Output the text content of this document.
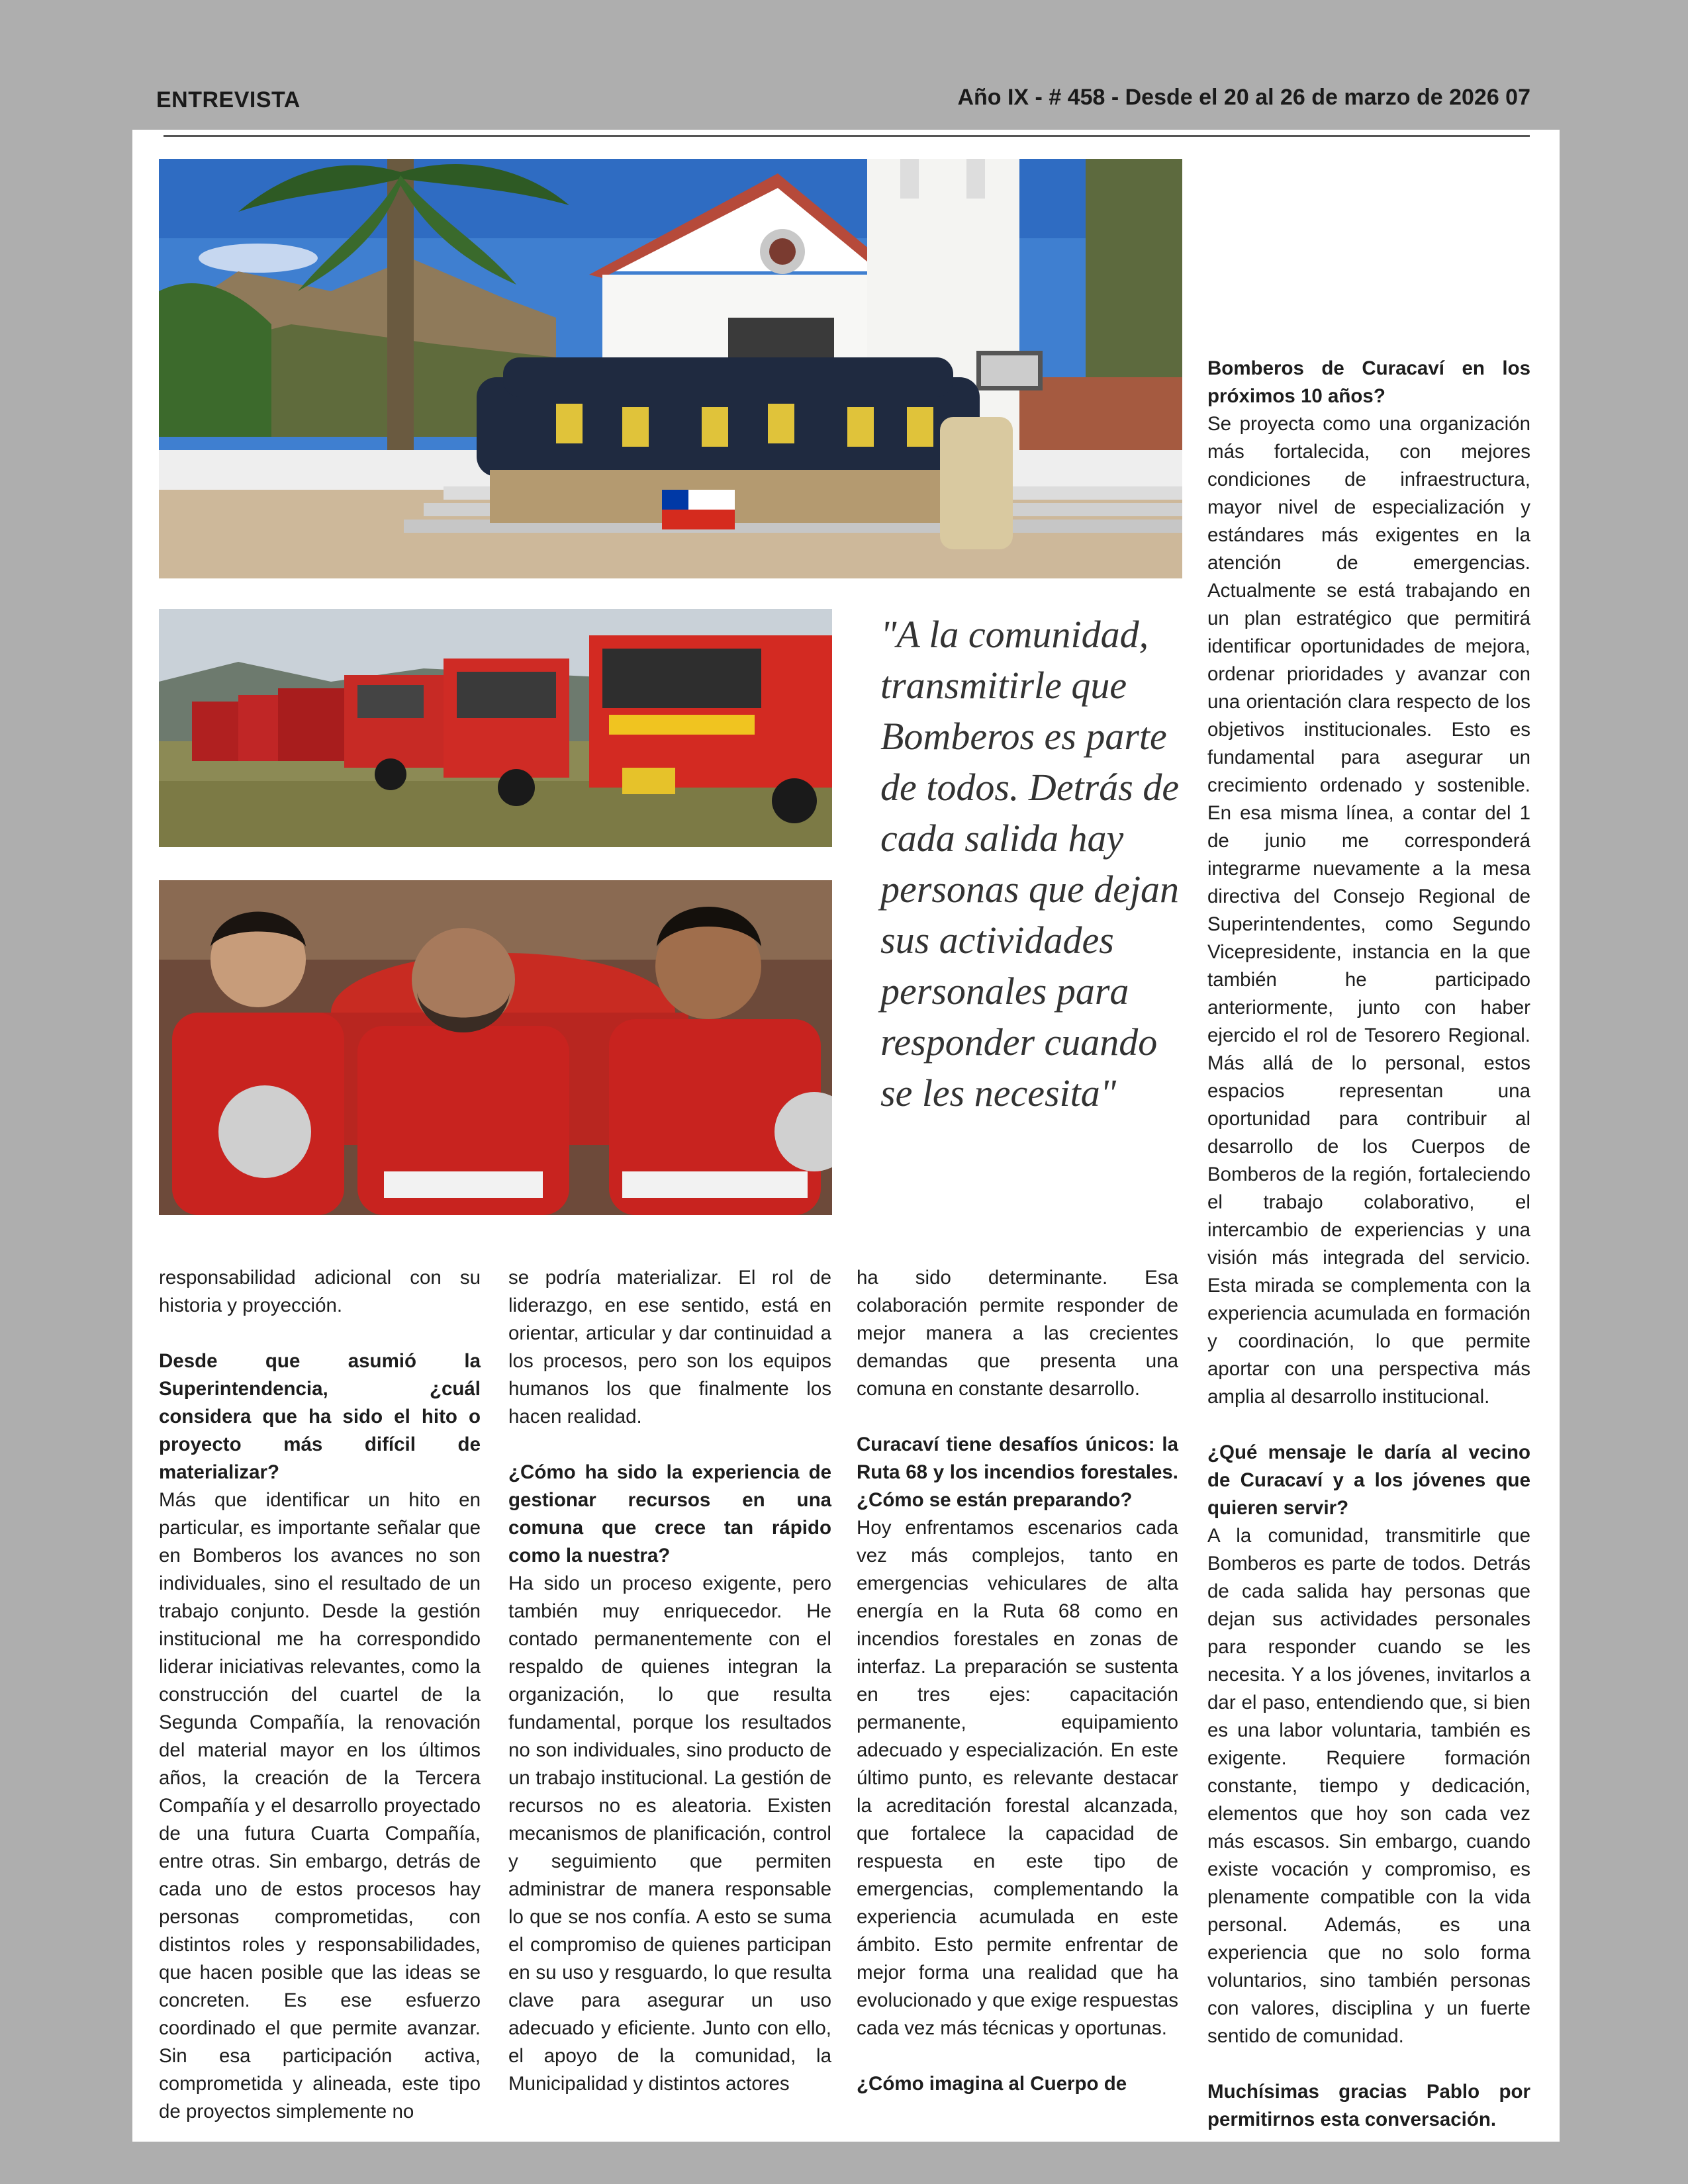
ENTREVISTA	Año IX - # 458 - Desde el 20 al 26 de marzo de 2026 07
"A la comunidad, transmitirle que Bomberos es parte de todos. Detrás de cada salida hay personas que dejan sus actividades personales para responder cuando se les necesita"

responsabilidad adicional con su historia y proyección.

Desde que asumió la Superintendencia, ¿cuál considera que ha sido el hito o proyecto más difícil de materializar?

Más que identificar un hito en particular, es importante señalar que en Bomberos los avances no son individuales, sino el resultado de un trabajo conjunto. Desde la gestión institucional me ha correspondido liderar iniciativas relevantes, como la construcción del cuartel de la Segunda Compañía, la renovación del material mayor en los últimos años, la creación de la Tercera Compañía y el desarrollo proyectado de una futura Cuarta Compañía, entre otras. Sin embargo, detrás de cada uno de estos procesos hay personas comprometidas, con distintos roles y responsabilidades, que hacen posible que las ideas se concreten. Es ese esfuerzo coordinado el que permite avanzar. Sin esa participación activa, comprometida y alineada, este tipo de proyectos simplemente no

se podría materializar. El rol de liderazgo, en ese sentido, está en orientar, articular y dar continuidad a los procesos, pero son los equipos humanos los que finalmente los hacen realidad.

¿Cómo ha sido la experiencia de gestionar recursos en una comuna que crece tan rápido como la nuestra?

Ha sido un proceso exigente, pero también muy enriquecedor. He contado permanentemente con el respaldo de quienes integran la organización, lo que resulta fundamental, porque los resultados no son individuales, sino producto de un trabajo institucional. La gestión de recursos no es aleatoria. Existen mecanismos de planificación, control y seguimiento que permiten administrar de manera responsable lo que se nos confía. A esto se suma el compromiso de quienes participan en su uso y resguardo, lo que resulta clave para asegurar un uso adecuado y eficiente. Junto con ello, el apoyo de la comunidad, la Municipalidad y distintos actores

ha sido determinante. Esa colaboración permite responder de mejor manera a las crecientes demandas que presenta una comuna en constante desarrollo.

Curacaví tiene desafíos únicos: la Ruta 68 y los incendios forestales. ¿Cómo se están preparando?

Hoy enfrentamos escenarios cada vez más complejos, tanto en emergencias vehiculares de alta energía en la Ruta 68 como en incendios forestales en zonas de interfaz. La preparación se sustenta en tres ejes: capacitación permanente, equipamiento adecuado y especialización. En este último punto, es relevante destacar la acreditación forestal alcanzada, que fortalece la capacidad de respuesta en este tipo de emergencias, complementando la experiencia acumulada en este ámbito. Esto permite enfrentar de mejor forma una realidad que ha evolucionado y que exige respuestas cada vez más técnicas y oportunas.

¿Cómo imagina al Cuerpo de

Bomberos de Curacaví en los próximos 10 años?

Se proyecta como una organización más fortalecida, con mejores condiciones de infraestructura, mayor nivel de especialización y estándares más exigentes en la atención de emergencias. Actualmente se está trabajando en un plan estratégico que permitirá identificar oportunidades de mejora, ordenar prioridades y avanzar con una orientación clara respecto de los objetivos institucionales. Esto es fundamental para asegurar un crecimiento ordenado y sostenible. En esa misma línea, a contar del 1 de junio me corresponderá integrarme nuevamente a la mesa directiva del Consejo Regional de Superintendentes, como Segundo Vicepresidente, instancia en la que también he participado anteriormente, junto con haber ejercido el rol de Tesorero Regional. Más allá de lo personal, estos espacios representan una oportunidad para contribuir al desarrollo de los Cuerpos de Bomberos de la región, fortaleciendo el trabajo colaborativo, el intercambio de experiencias y una visión más integrada del servicio. Esta mirada se complementa con la experiencia acumulada en formación y coordinación, lo que permite aportar con una perspectiva más amplia al desarrollo institucional.

¿Qué mensaje le daría al vecino de Curacaví y a los jóvenes que quieren servir?

A la comunidad, transmitirle que Bomberos es parte de todos. Detrás de cada salida hay personas que dejan sus actividades personales para responder cuando se les necesita. Y a los jóvenes, invitarlos a dar el paso, entendiendo que, si bien es una labor voluntaria, también es exigente. Requiere formación constante, tiempo y dedicación, elementos que hoy son cada vez más escasos. Sin embargo, cuando existe vocación y compromiso, es plenamente compatible con la vida personal. Además, es una experiencia que no solo forma voluntarios, sino también personas con valores, disciplina y un fuerte sentido de comunidad.

Muchísimas gracias Pablo por permitirnos esta conversación.
